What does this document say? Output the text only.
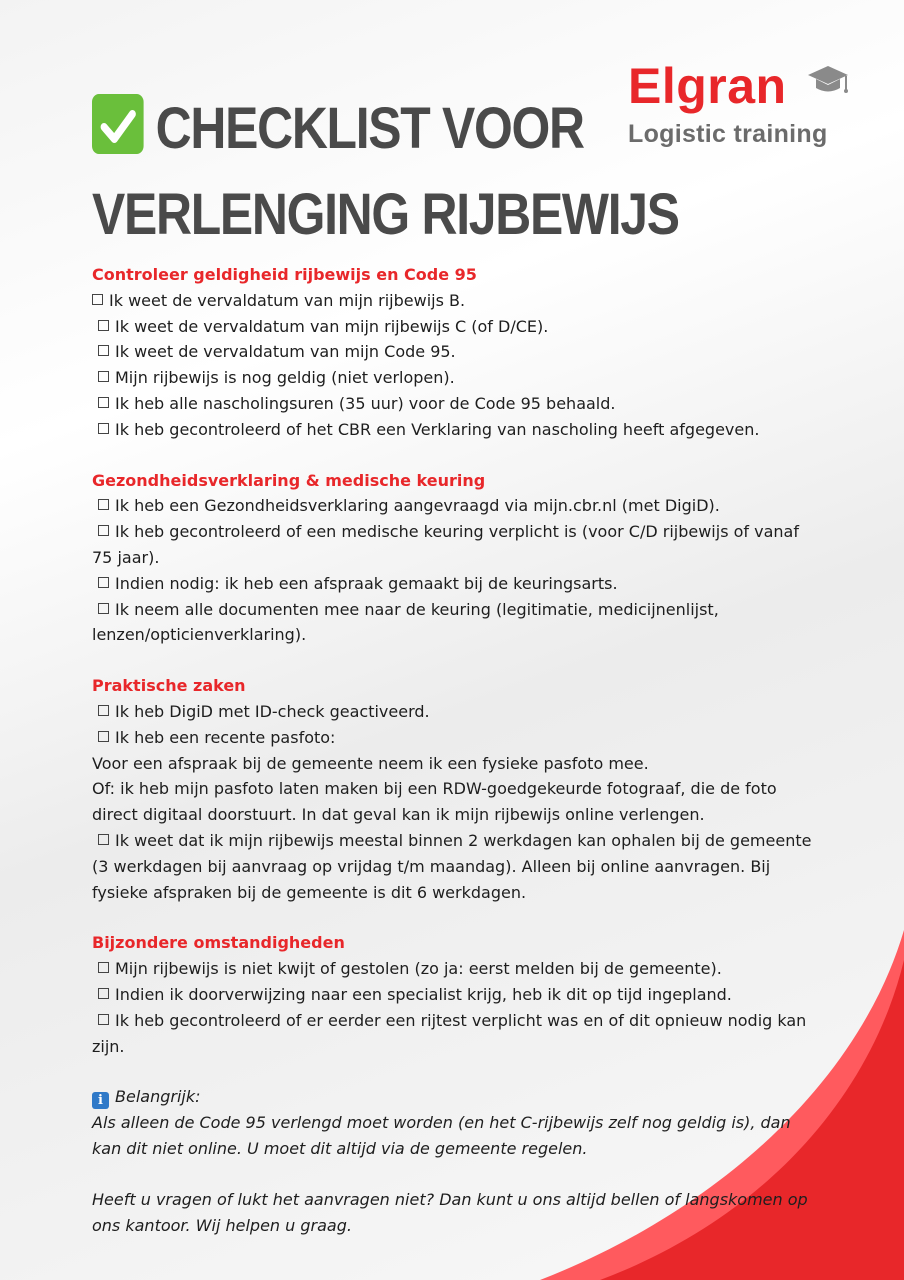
Elgran
Logistic training
CHECKLIST VOOR
VERLENGING RIJBEWIJS

Controleer geldigheid rijbewijs en Code 95

Ik weet de vervaldatum van mijn rijbewijs B.

Ik weet de vervaldatum van mijn rijbewijs C (of D/CE).

Ik weet de vervaldatum van mijn Code 95.

Mijn rijbewijs is nog geldig (niet verlopen).

Ik heb alle nascholingsuren (35 uur) voor de Code 95 behaald.

Ik heb gecontroleerd of het CBR een Verklaring van nascholing heeft afgegeven.

Gezondheidsverklaring & medische keuring

Ik heb een Gezondheidsverklaring aangevraagd via mijn.cbr.nl (met DigiD).

Ik heb gecontroleerd of een medische keuring verplicht is (voor C/D rijbewijs of vanaf 75 jaar).

Indien nodig: ik heb een afspraak gemaakt bij de keuringsarts.

Ik neem alle documenten mee naar de keuring (legitimatie, medicijnenlijst, lenzen/opticienverklaring).

Praktische zaken

Ik heb DigiD met ID-check geactiveerd.

Ik heb een recente pasfoto:

Voor een afspraak bij de gemeente neem ik een fysieke pasfoto mee.

Of: ik heb mijn pasfoto laten maken bij een RDW-goedgekeurde fotograaf, die de foto direct digitaal doorstuurt. In dat geval kan ik mijn rijbewijs online verlengen.

Ik weet dat ik mijn rijbewijs meestal binnen 2 werkdagen kan ophalen bij de gemeente (3 werkdagen bij aanvraag op vrijdag t/m maandag). Alleen bij online aanvragen. Bij fysieke afspraken bij de gemeente is dit 6 werkdagen.

Bijzondere omstandigheden

Mijn rijbewijs is niet kwijt of gestolen (zo ja: eerst melden bij de gemeente).

Indien ik doorverwijzing naar een specialist krijg, heb ik dit op tijd ingepland.

Ik heb gecontroleerd of er eerder een rijtest verplicht was en of dit opnieuw nodig kan zijn.

i Belangrijk:

Als alleen de Code 95 verlengd moet worden (en het C-rijbewijs zelf nog geldig is), dan kan dit niet online. U moet dit altijd via de gemeente regelen.

Heeft u vragen of lukt het aanvragen niet? Dan kunt u ons altijd bellen of langskomen op ons kantoor. Wij helpen u graag.
